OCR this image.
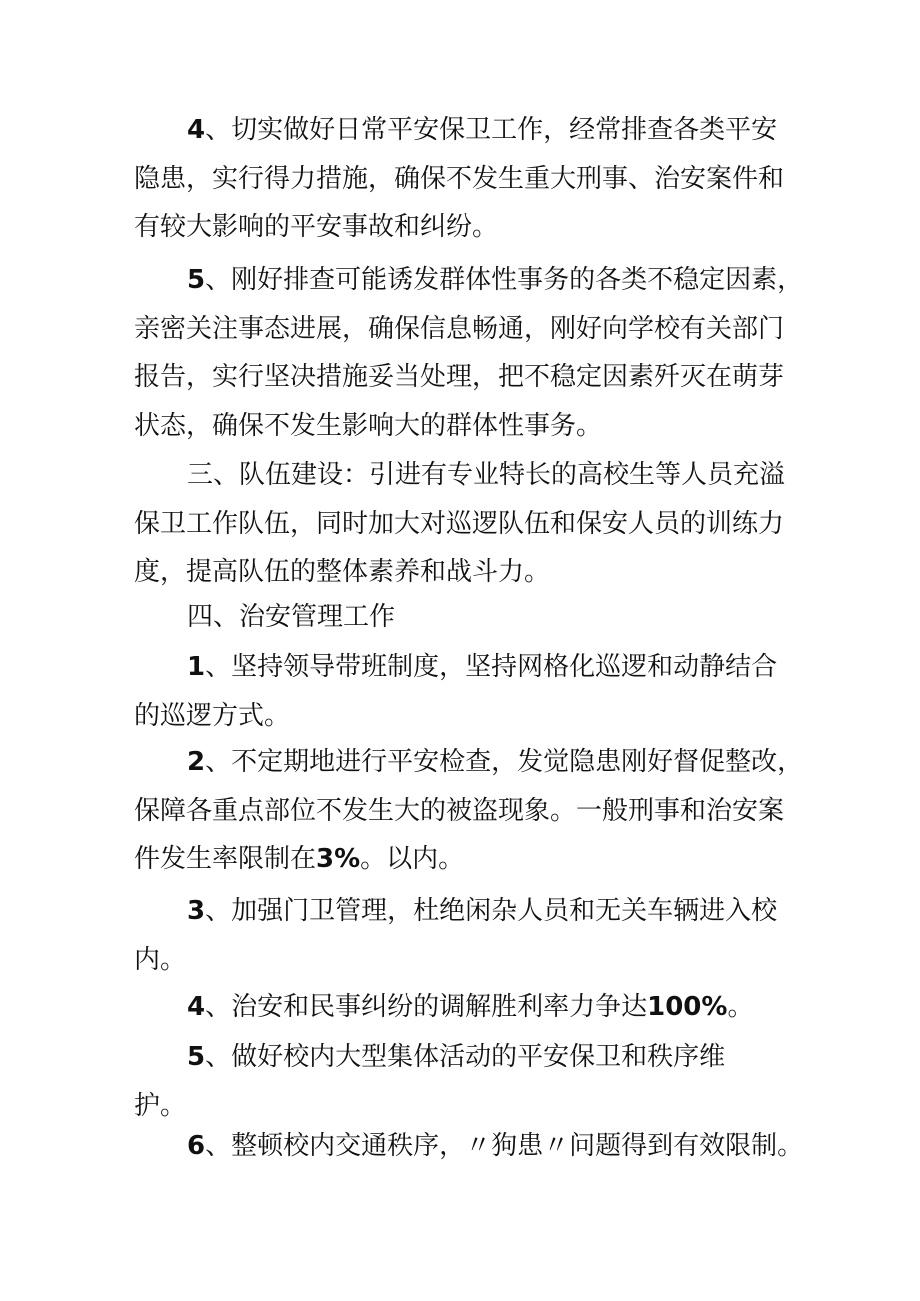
4、切实做好日常平安保卫工作，经常排查各类平安
隐患，实行得力措施，确保不发生重大刑事、治安案件和
有较大影响的平安事故和纠纷。
5、刚好排查可能诱发群体性事务的各类不稳定因素，
亲密关注事态进展，确保信息畅通，刚好向学校有关部门
报告，实行坚决措施妥当处理，把不稳定因素歼灭在萌芽
状态，确保不发生影响大的群体性事务。
三、队伍建设：引进有专业特长的高校生等人员充溢
保卫工作队伍，同时加大对巡逻队伍和保安人员的训练力
度，提高队伍的整体素养和战斗力。
四、治安管理工作
1、坚持领导带班制度，坚持网格化巡逻和动静结合
的巡逻方式。
2、不定期地进行平安检查，发觉隐患刚好督促整改，
保障各重点部位不发生大的被盗现象。一般刑事和治安案
件发生率限制在3%。以内。
3、加强门卫管理，杜绝闲杂人员和无关车辆进入校
内。
4、治安和民事纠纷的调解胜利率力争达100%。
5、做好校内大型集体活动的平安保卫和秩序维
护。
6、整顿校内交通秩序，〃狗患〃问题得到有效限制。
